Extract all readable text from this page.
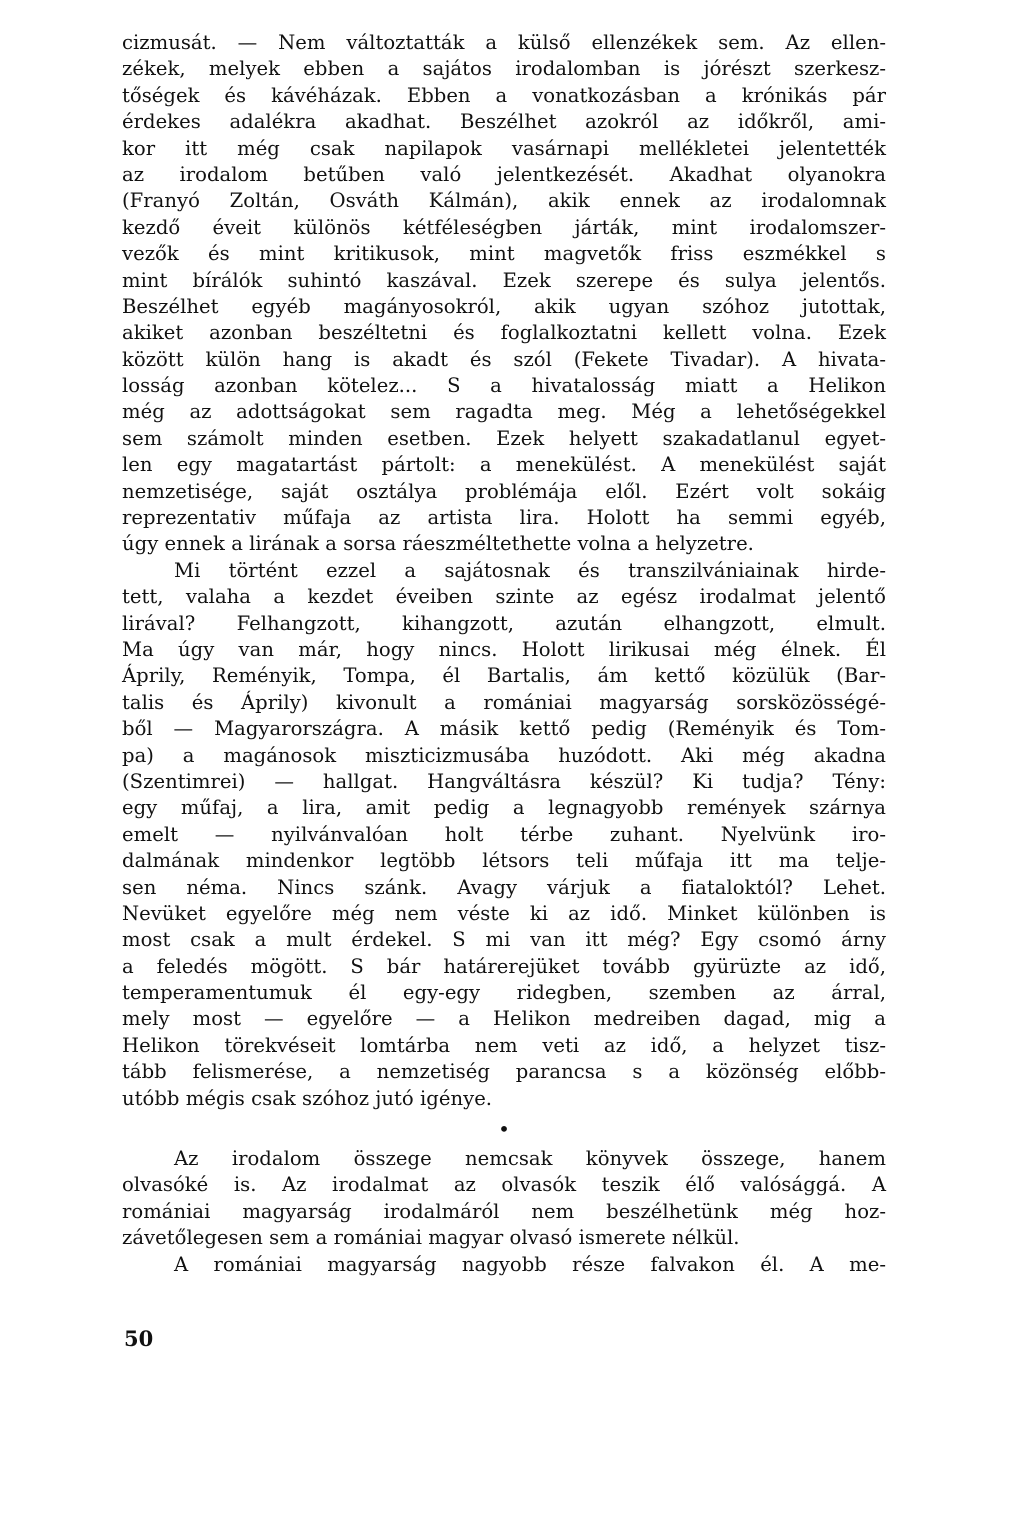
cizmusát. — Nem változtatták a külső ellenzékek sem. Az ellen-
zékek, melyek ebben a sajátos irodalomban is jórészt szerkesz-
tőségek és kávéházak. Ebben a vonatkozásban a krónikás pár
érdekes adalékra akadhat. Beszélhet azokról az időkről, ami-
kor itt még csak napilapok vasárnapi mellékletei jelentették
az irodalom betűben való jelentkezését. Akadhat olyanokra
(Franyó Zoltán, Osváth Kálmán), akik ennek az irodalomnak
kezdő éveit különös kétféleségben járták, mint irodalomszer-
vezők és mint kritikusok, mint magvetők friss eszmékkel s
mint bírálók suhintó kaszával. Ezek szerepe és sulya jelentős.
Beszélhet egyéb magányosokról, akik ugyan szóhoz jutottak,
akiket azonban beszéltetni és foglalkoztatni kellett volna. Ezek
között külön hang is akadt és szól (Fekete Tivadar). A hivata-
losság azonban kötelez... S a hivatalosság miatt a Helikon
még az adottságokat sem ragadta meg. Még a lehetőségekkel
sem számolt minden esetben. Ezek helyett szakadatlanul egyet-
len egy magatartást pártolt: a menekülést. A menekülést saját
nemzetisége, saját osztálya problémája elől. Ezért volt sokáig
reprezentativ műfaja az artista lira. Holott ha semmi egyéb,
úgy ennek a lirának a sorsa ráeszméltethette volna a helyzetre.
Mi történt ezzel a sajátosnak és transzilvániainak hirde-
tett, valaha a kezdet éveiben szinte az egész irodalmat jelentő
lirával? Felhangzott, kihangzott, azután elhangzott, elmult.
Ma úgy van már, hogy nincs. Holott lirikusai még élnek. Él
Áprily, Reményik, Tompa, él Bartalis, ám kettő közülük (Bar-
talis és Áprily) kivonult a romániai magyarság sorsközösségé-
ből — Magyarországra. A másik kettő pedig (Reményik és Tom-
pa) a magánosok miszticizmusába huzódott. Aki még akadna
(Szentimrei) — hallgat. Hangváltásra készül? Ki tudja? Tény:
egy műfaj, a lira, amit pedig a legnagyobb remények szárnya
emelt — nyilvánvalóan holt térbe zuhant. Nyelvünk iro-
dalmának mindenkor legtöbb létsors teli műfaja itt ma telje-
sen néma. Nincs szánk. Avagy várjuk a fiataloktól? Lehet.
Nevüket egyelőre még nem véste ki az idő. Minket különben is
most csak a mult érdekel. S mi van itt még? Egy csomó árny
a feledés mögött. S bár határerejüket tovább gyürüzte az idő,
temperamentumuk él egy-egy ridegben, szemben az árral,
mely most — egyelőre — a Helikon medreiben dagad, mig a
Helikon törekvéseit lomtárba nem veti az idő, a helyzet tisz-
tább felismerése, a nemzetiség parancsa s a közönség előbb-
utóbb mégis csak szóhoz jutó igénye.
•
Az irodalom összege nemcsak könyvek összege, hanem
olvasóké is. Az irodalmat az olvasók teszik élő valósággá. A
romániai magyarság irodalmáról nem beszélhetünk még hoz-
závetőlegesen sem a romániai magyar olvasó ismerete nélkül.
A romániai magyarság nagyobb része falvakon él. A me-
50
